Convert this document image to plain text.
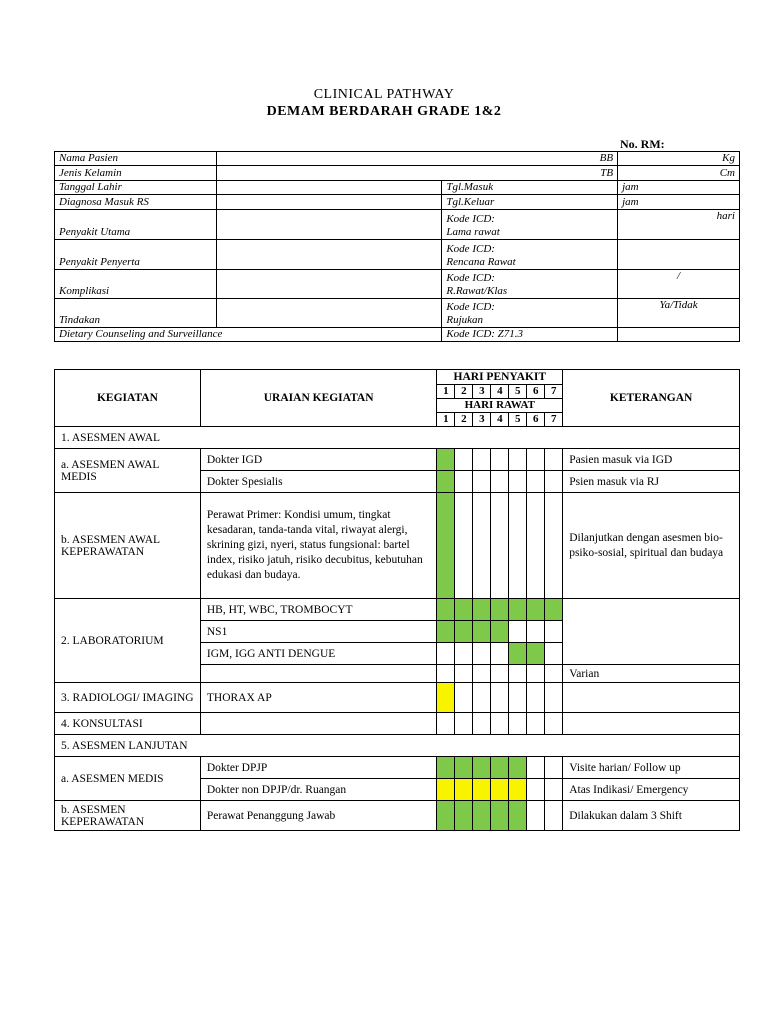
CLINICAL PATHWAY
DEMAM BERDARAH GRADE 1&2
No. RM:
Nama Pasien	BB		Kg
Jenis Kelamin	TB		Cm
Tanggal Lahir		Tgl.Masuk	jam
Diagnosa Masuk RS		Tgl.Keluar	jam
Penyakit Utama		Kode ICD:
Lama rawat	hari
Penyakit Penyerta		Kode ICD:
Rencana Rawat	
Komplikasi		Kode ICD:
R.Rawat/Klas	/
Tindakan		Kode ICD:
Rujukan	Ya/Tidak
Dietary Counseling and Surveillance		Kode ICD: Z71.3	
KEGIATAN	URAIAN KEGIATAN	HARI PENYAKIT							KETERANGAN
		1	2	3	4	5	6	7	
		HARI RAWAT							
		1	2	3	4	5	6	7	
1. ASESMEN AWAL									
a. ASESMEN AWAL MEDIS	Dokter IGD								Pasien masuk via IGD
	Dokter Spesialis								Psien masuk via RJ
b. ASESMEN AWAL KEPERAWATAN	Perawat Primer: Kondisi umum, tingkat kesadaran, tanda-tanda vital, riwayat alergi, skrining gizi, nyeri, status fungsional: bartel index, risiko jatuh, risiko decubitus, kebutuhan edukasi dan budaya.								Dilanjutkan dengan asesmen bio-psiko-sosial, spiritual dan budaya
2. LABORATORIUM	HB, HT, WBC, TROMBOCYT								
	NS1								
	IGM, IGG ANTI DENGUE								
									Varian
3. RADIOLOGI/ IMAGING	THORAX AP								
4. KONSULTASI									
5. ASESMEN LANJUTAN									
a. ASESMEN MEDIS	Dokter DPJP								Visite harian/ Follow up
	Dokter non DPJP/dr. Ruangan								Atas Indikasi/ Emergency
b. ASESMEN KEPERAWATAN	Perawat Penanggung Jawab								Dilakukan dalam 3 Shift
